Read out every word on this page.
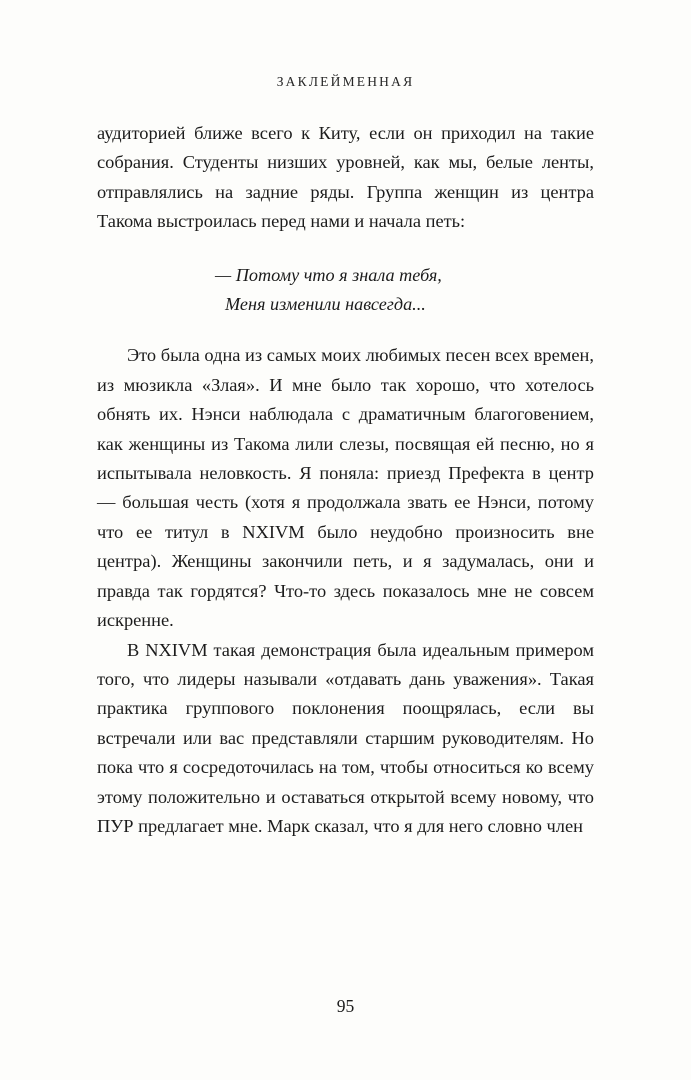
ЗАКЛЕЙМЕННАЯ

аудиторией ближе всего к Киту, если он приходил на такие собрания. Студенты низших уровней, как мы, белые ленты, отправлялись на задние ряды. Группа женщин из центра Такома выстроилась перед нами и начала петь:

— Потому что я знала тебя,
Меня изменили навсегда...

Это была одна из самых моих любимых песен всех времен, из мюзикла «Злая». И мне было так хорошо, что хотелось обнять их. Нэнси наблюдала с драматичным благоговением, как женщины из Такома лили слезы, посвящая ей песню, но я испытывала неловкость. Я поняла: приезд Префекта в центр — большая честь (хотя я продолжала звать ее Нэнси, потому что ее титул в NXIVM было неудобно произносить вне центра). Женщины закончили петь, и я задумалась, они и правда так гордятся? Что-то здесь показалось мне не совсем искренне.

В NXIVM такая демонстрация была идеальным примером того, что лидеры называли «отдавать дань уважения». Такая практика группового поклонения поощрялась, если вы встречали или вас представляли старшим руководителям. Но пока что я сосредоточилась на том, чтобы относиться ко всему этому положительно и оставаться открытой всему новому, что ПУР предлагает мне. Марк сказал, что я для него словно член

95
